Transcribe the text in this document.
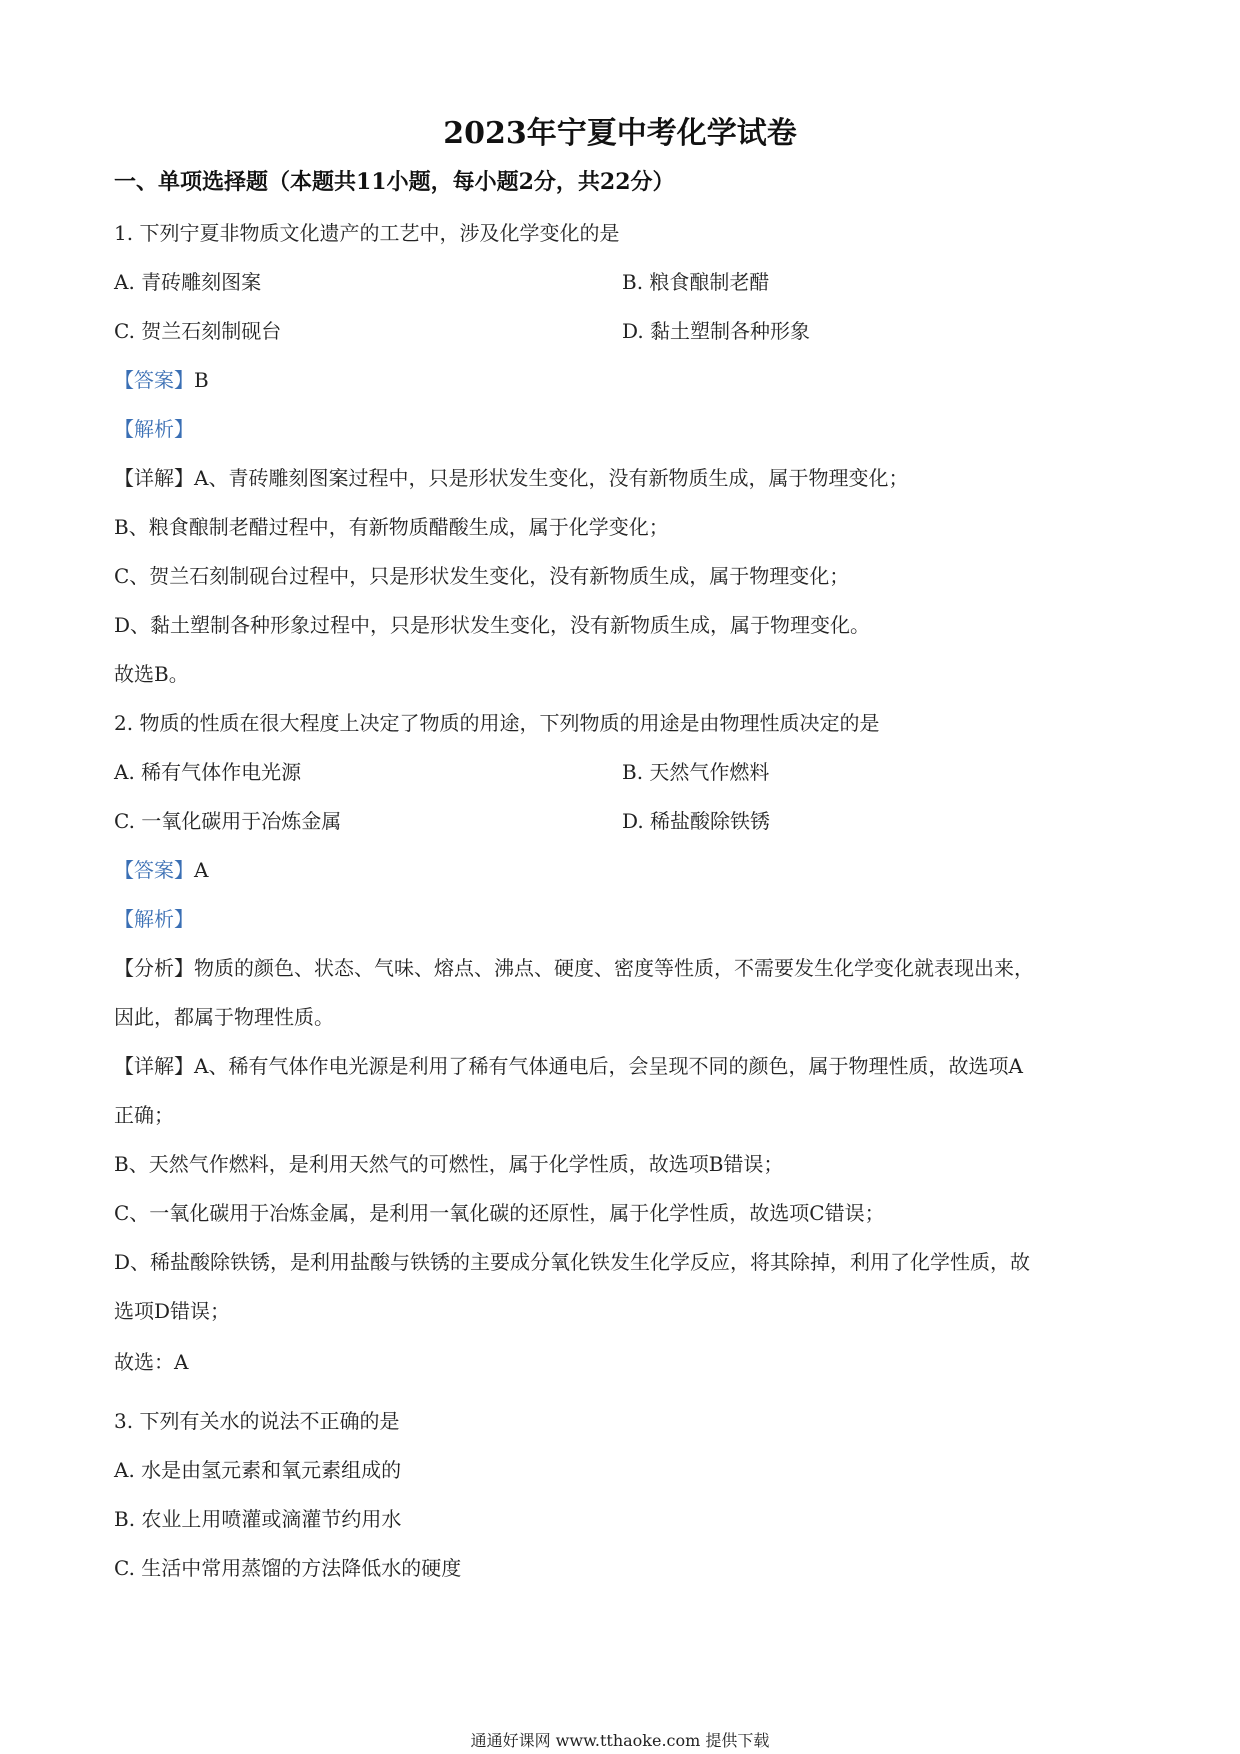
2023年宁夏中考化学试卷
一、单项选择题（本题共11小题，每小题2分，共22分）
1. 下列宁夏非物质文化遗产的工艺中，涉及化学变化的是
A. 青砖雕刻图案	B. 粮食酿制老醋
C. 贺兰石刻制砚台	D. 黏土塑制各种形象
【答案】B
【解析】
【详解】A、青砖雕刻图案过程中，只是形状发生变化，没有新物质生成，属于物理变化；
B、粮食酿制老醋过程中，有新物质醋酸生成，属于化学变化；
C、贺兰石刻制砚台过程中，只是形状发生变化，没有新物质生成，属于物理变化；
D、黏土塑制各种形象过程中，只是形状发生变化，没有新物质生成，属于物理变化。
故选B。
2. 物质的性质在很大程度上决定了物质的用途，下列物质的用途是由物理性质决定的是
A. 稀有气体作电光源	B. 天然气作燃料
C. 一氧化碳用于冶炼金属	D. 稀盐酸除铁锈
【答案】A
【解析】
【分析】物质的颜色、状态、气味、熔点、沸点、硬度、密度等性质，不需要发生化学变化就表现出来，
因此，都属于物理性质。
【详解】A、稀有气体作电光源是利用了稀有气体通电后，会呈现不同的颜色，属于物理性质，故选项A
正确；
B、天然气作燃料，是利用天然气的可燃性，属于化学性质，故选项B错误；
C、一氧化碳用于冶炼金属，是利用一氧化碳的还原性，属于化学性质，故选项C错误；
D、稀盐酸除铁锈，是利用盐酸与铁锈的主要成分氧化铁发生化学反应，将其除掉，利用了化学性质，故
选项D错误；
故选：A
3. 下列有关水的说法不正确的是
A. 水是由氢元素和氧元素组成的
B. 农业上用喷灌或滴灌节约用水
C. 生活中常用蒸馏的方法降低水的硬度
通通好课网 www.tthaoke.com 提供下载
